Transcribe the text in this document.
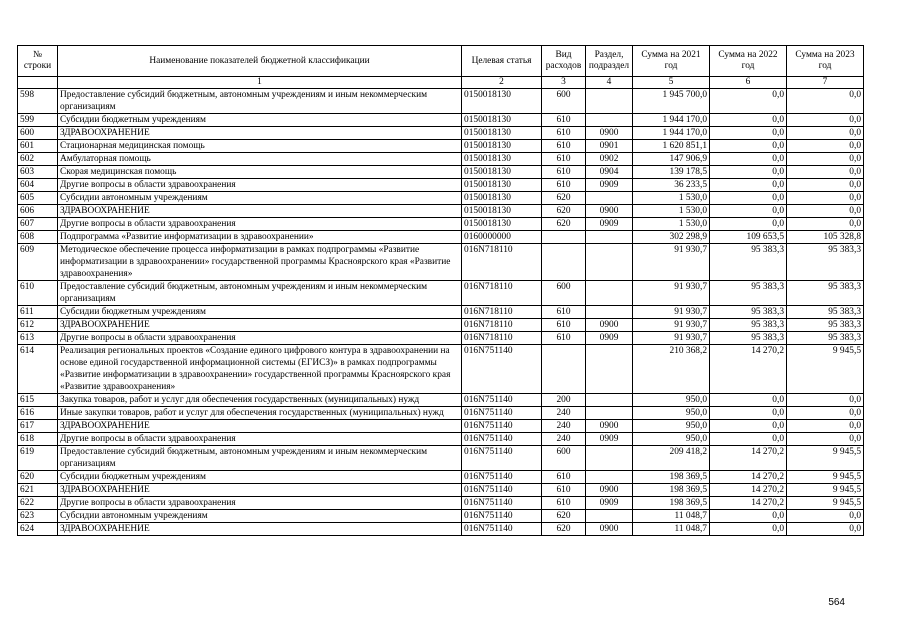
№ строки	Наименование показателей бюджетной классификации	Целевая статья	Вид расходов	Раздел, подраздел	Сумма на 2021 год	Сумма на 2022 год	Сумма на 2023 год
	1	2	3	4	5	6	7
598	Предоставление субсидий бюджетным, автономным учреждениям и иным некоммерческим организациям	0150018130	600		1 945 700,0	0,0	0,0
599	Субсидии бюджетным учреждениям	0150018130	610		1 944 170,0	0,0	0,0
600	ЗДРАВООХРАНЕНИЕ	0150018130	610	0900	1 944 170,0	0,0	0,0
601	Стационарная медицинская помощь	0150018130	610	0901	1 620 851,1	0,0	0,0
602	Амбулаторная помощь	0150018130	610	0902	147 906,9	0,0	0,0
603	Скорая медицинская помощь	0150018130	610	0904	139 178,5	0,0	0,0
604	Другие вопросы в области здравоохранения	0150018130	610	0909	36 233,5	0,0	0,0
605	Субсидии автономным учреждениям	0150018130	620		1 530,0	0,0	0,0
606	ЗДРАВООХРАНЕНИЕ	0150018130	620	0900	1 530,0	0,0	0,0
607	Другие вопросы в области здравоохранения	0150018130	620	0909	1 530,0	0,0	0,0
608	Подпрограмма «Развитие информатизации в здравоохранении»	0160000000			302 298,9	109 653,5	105 328,8
609	Методическое обеспечение процесса информатизации в рамках подпрограммы «Развитие информатизации в здравоохранении» государственной программы Красноярского края «Развитие здравоохранения»	016N718110			91 930,7	95 383,3	95 383,3
610	Предоставление субсидий бюджетным, автономным учреждениям и иным некоммерческим организациям	016N718110	600		91 930,7	95 383,3	95 383,3
611	Субсидии бюджетным учреждениям	016N718110	610		91 930,7	95 383,3	95 383,3
612	ЗДРАВООХРАНЕНИЕ	016N718110	610	0900	91 930,7	95 383,3	95 383,3
613	Другие вопросы в области здравоохранения	016N718110	610	0909	91 930,7	95 383,3	95 383,3
614	Реализация региональных проектов «Создание единого цифрового контура в здравоохранении на основе единой государственной информационной системы (ЕГИСЗ)» в рамках подпрограммы «Развитие информатизации в здравоохранении» государственной программы Красноярского края «Развитие здравоохранения»	016N751140			210 368,2	14 270,2	9 945,5
615	Закупка товаров, работ и услуг для обеспечения государственных (муниципальных) нужд	016N751140	200		950,0	0,0	0,0
616	Иные закупки товаров, работ и услуг для обеспечения государственных (муниципальных) нужд	016N751140	240		950,0	0,0	0,0
617	ЗДРАВООХРАНЕНИЕ	016N751140	240	0900	950,0	0,0	0,0
618	Другие вопросы в области здравоохранения	016N751140	240	0909	950,0	0,0	0,0
619	Предоставление субсидий бюджетным, автономным учреждениям и иным некоммерческим организациям	016N751140	600		209 418,2	14 270,2	9 945,5
620	Субсидии бюджетным учреждениям	016N751140	610		198 369,5	14 270,2	9 945,5
621	ЗДРАВООХРАНЕНИЕ	016N751140	610	0900	198 369,5	14 270,2	9 945,5
622	Другие вопросы в области здравоохранения	016N751140	610	0909	198 369,5	14 270,2	9 945,5
623	Субсидии автономным учреждениям	016N751140	620		11 048,7	0,0	0,0
624	ЗДРАВООХРАНЕНИЕ	016N751140	620	0900	11 048,7	0,0	0,0
564
